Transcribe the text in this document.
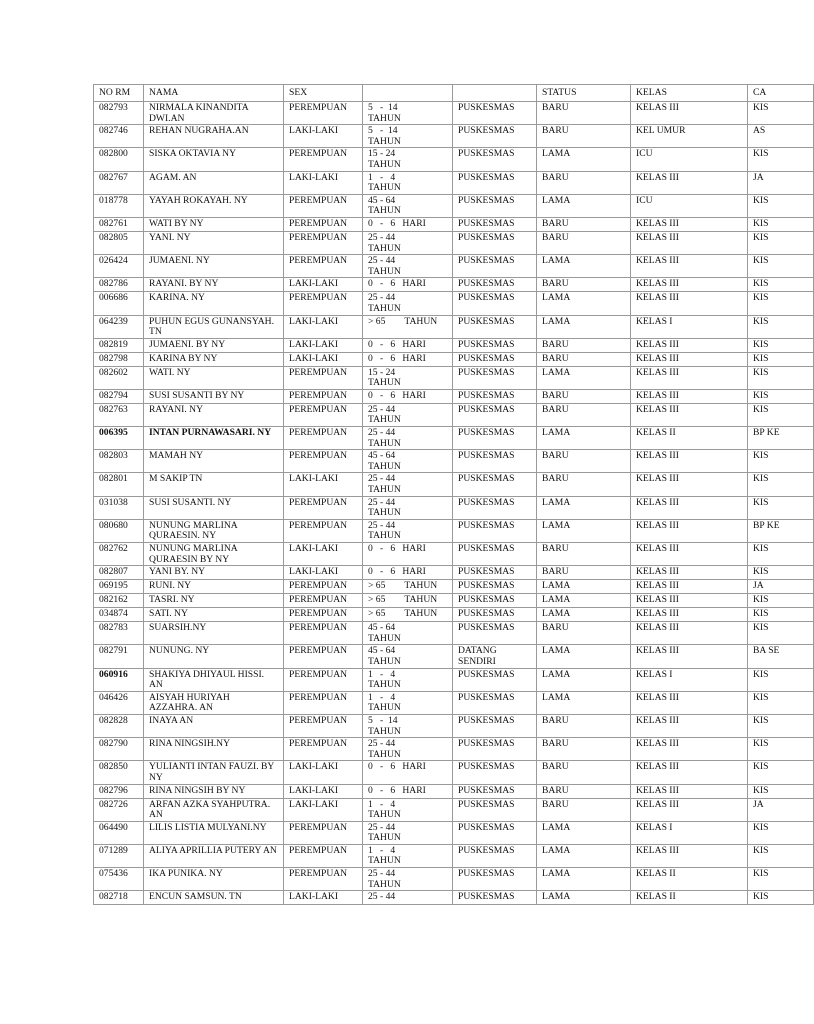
NO RM	NAMA	SEX			STATUS	KELAS	CA
082793	NIRMALA KINANDITA DWI.AN	PEREMPUAN	5   -  14
TAHUN	PUSKESMAS	BARU	KELAS III	KIS
082746	REHAN NUGRAHA.AN	LAKI-LAKI	5   -  14
TAHUN	PUSKESMAS	BARU	KEL UMUR	AS
082800	SISKA OKTAVIA NY	PEREMPUAN	15 - 24
TAHUN	PUSKESMAS	LAMA	ICU	KIS
082767	AGAM. AN	LAKI-LAKI	1   -   4
TAHUN	PUSKESMAS	BARU	KELAS III	JA
018778	YAYAH ROKAYAH. NY	PEREMPUAN	45 - 64
TAHUN	PUSKESMAS	LAMA	ICU	KIS
082761	WATI BY NY	PEREMPUAN	0   -   6   HARI	PUSKESMAS	BARU	KELAS III	KIS
082805	YANI. NY	PEREMPUAN	25 - 44
TAHUN	PUSKESMAS	BARU	KELAS III	KIS
026424	JUMAENI. NY	PEREMPUAN	25 - 44
TAHUN	PUSKESMAS	LAMA	KELAS III	KIS
082786	RAYANI. BY NY	LAKI-LAKI	0   -   6   HARI	PUSKESMAS	BARU	KELAS III	KIS
006686	KARINA. NY	PEREMPUAN	25 - 44
TAHUN	PUSKESMAS	LAMA	KELAS III	KIS
064239	PUHUN EGUS GUNANSYAH. TN	LAKI-LAKI	> 65        TAHUN	PUSKESMAS	LAMA	KELAS I	KIS
082819	JUMAENI. BY NY	LAKI-LAKI	0   -   6   HARI	PUSKESMAS	BARU	KELAS III	KIS
082798	KARINA BY NY	LAKI-LAKI	0   -   6   HARI	PUSKESMAS	BARU	KELAS III	KIS
082602	WATI. NY	PEREMPUAN	15 - 24
TAHUN	PUSKESMAS	LAMA	KELAS III	KIS
082794	SUSI SUSANTI BY NY	PEREMPUAN	0   -   6   HARI	PUSKESMAS	BARU	KELAS III	KIS
082763	RAYANI. NY	PEREMPUAN	25 - 44
TAHUN	PUSKESMAS	BARU	KELAS III	KIS
006395	INTAN PURNAWASARI. NY	PEREMPUAN	25 - 44
TAHUN	PUSKESMAS	LAMA	KELAS II	BP KE
082803	MAMAH NY	PEREMPUAN	45 - 64
TAHUN	PUSKESMAS	BARU	KELAS III	KIS
082801	M SAKIP TN	LAKI-LAKI	25 - 44
TAHUN	PUSKESMAS	BARU	KELAS III	KIS
031038	SUSI SUSANTI. NY	PEREMPUAN	25 - 44
TAHUN	PUSKESMAS	LAMA	KELAS III	KIS
080680	NUNUNG MARLINA QURAESIN. NY	PEREMPUAN	25 - 44
TAHUN	PUSKESMAS	LAMA	KELAS III	BP KE
082762	NUNUNG MARLINA QURAESIN BY NY	LAKI-LAKI	0   -   6   HARI	PUSKESMAS	BARU	KELAS III	KIS
082807	YANI BY. NY	LAKI-LAKI	0   -   6   HARI	PUSKESMAS	BARU	KELAS III	KIS
069195	RUNI. NY	PEREMPUAN	> 65        TAHUN	PUSKESMAS	LAMA	KELAS III	JA
082162	TASRI. NY	PEREMPUAN	> 65        TAHUN	PUSKESMAS	LAMA	KELAS III	KIS
034874	SATI. NY	PEREMPUAN	> 65        TAHUN	PUSKESMAS	LAMA	KELAS III	KIS
082783	SUARSIH.NY	PEREMPUAN	45 - 64
TAHUN	PUSKESMAS	BARU	KELAS III	KIS
082791	NUNUNG. NY	PEREMPUAN	45 - 64
TAHUN	DATANG SENDIRI	LAMA	KELAS III	BA SE
060916	SHAKIYA DHIYAUL HISSI. AN	PEREMPUAN	1   -   4
TAHUN	PUSKESMAS	LAMA	KELAS I	KIS
046426	AISYAH HURIYAH AZZAHRA. AN	PEREMPUAN	1   -   4
TAHUN	PUSKESMAS	LAMA	KELAS III	KIS
082828	INAYA AN	PEREMPUAN	5   -  14
TAHUN	PUSKESMAS	BARU	KELAS III	KIS
082790	RINA NINGSIH.NY	PEREMPUAN	25 - 44
TAHUN	PUSKESMAS	BARU	KELAS III	KIS
082850	YULIANTI INTAN FAUZI. BY NY	LAKI-LAKI	0   -   6   HARI	PUSKESMAS	BARU	KELAS III	KIS
082796	RINA NINGSIH BY NY	LAKI-LAKI	0   -   6   HARI	PUSKESMAS	BARU	KELAS III	KIS
082726	ARFAN AZKA SYAHPUTRA. AN	LAKI-LAKI	1   -   4
TAHUN	PUSKESMAS	BARU	KELAS III	JA
064490	LILIS LISTIA MULYANI.NY	PEREMPUAN	25 - 44
TAHUN	PUSKESMAS	LAMA	KELAS I	KIS
071289	ALIYA APRILLIA PUTERY AN	PEREMPUAN	1   -   4
TAHUN	PUSKESMAS	LAMA	KELAS III	KIS
075436	IKA PUNIKA. NY	PEREMPUAN	25 - 44
TAHUN	PUSKESMAS	LAMA	KELAS II	KIS
082718	ENCUN SAMSUN. TN	LAKI-LAKI	25 - 44	PUSKESMAS	LAMA	KELAS II	KIS
